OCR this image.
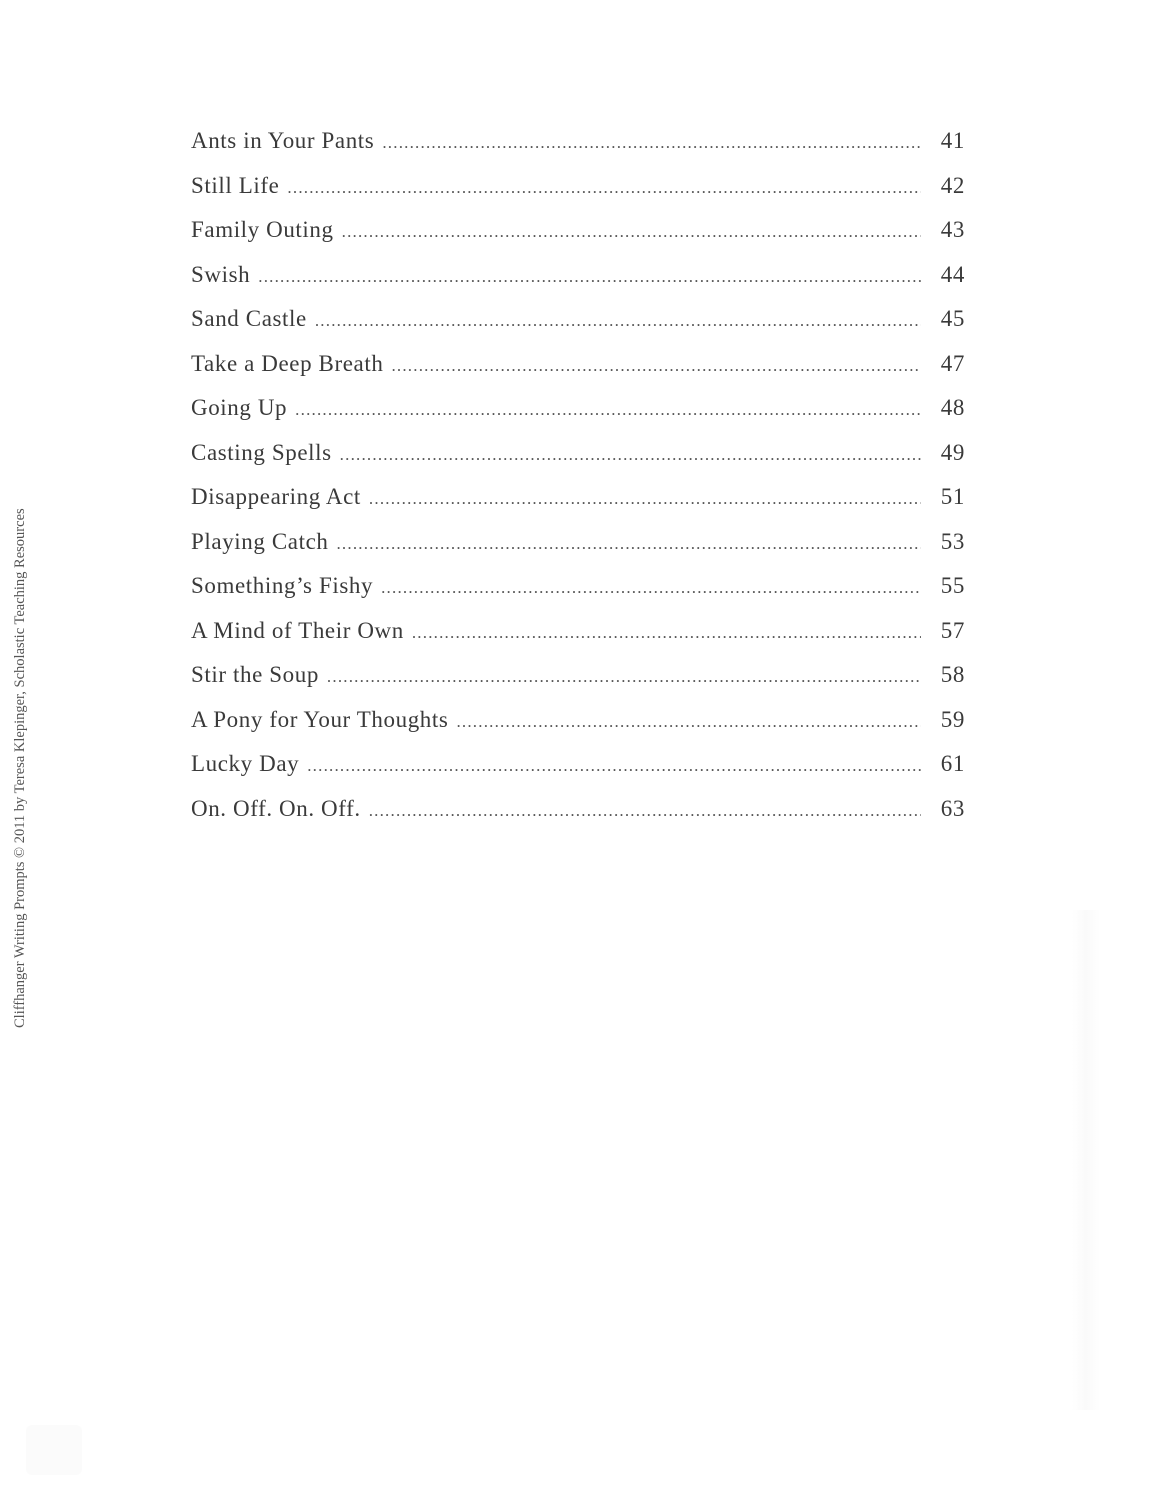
Ants in Your Pants .....	41
Still Life .....	42
Family Outing .....	43
Swish .....	44
Sand Castle .....	45
Take a Deep Breath .....	47
Going Up .....	48
Casting Spells .....	49
Disappearing Act .....	51
Playing Catch .....	53
Something’s Fishy .....	55
A Mind of Their Own .....	57
Stir the Soup .....	58
A Pony for Your Thoughts .....	59
Lucky Day .....	61
On. Off. On. Off. .....	63
Cliffhanger Writing Prompts © 2011 by Teresa Klepinger, Scholastic Teaching Resources
